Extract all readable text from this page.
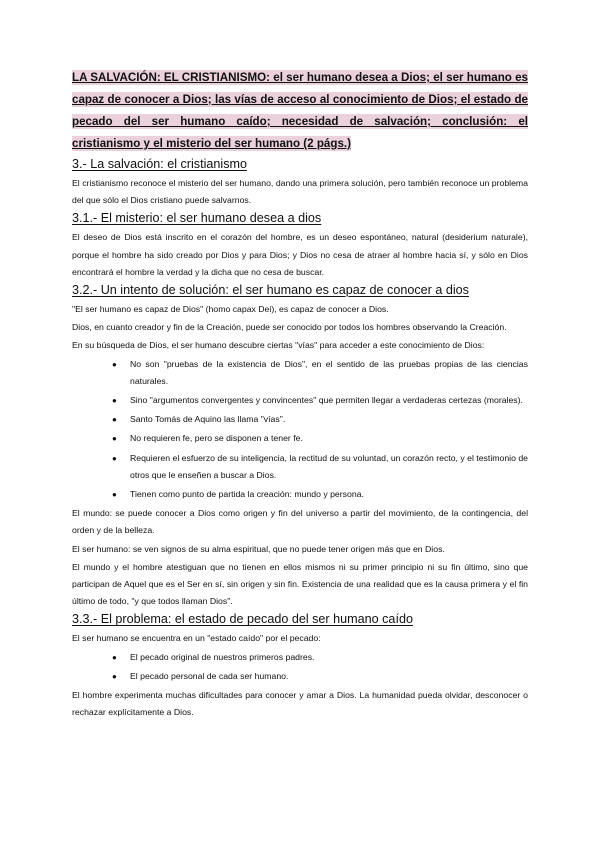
LA SALVACIÓN: EL CRISTIANISMO: el ser humano desea a Dios; el ser humano es capaz de conocer a Dios; las vías de acceso al conocimiento de Dios; el estado de pecado del ser humano caído; necesidad de salvación; conclusión: el cristianismo y el misterio del ser humano (2 págs.)
3.- La salvación: el cristianismo

El cristianismo reconoce el misterio del ser humano, dando una primera solución, pero también reconoce un problema del que sólo el Dios cristiano puede salvarnos.

3.1.- El misterio: el ser humano desea a dios

El deseo de Dios está inscrito en el corazón del hombre, es un deseo espontáneo, natural (desiderium naturale), porque el hombre ha sido creado por Dios y para Dios; y Dios no cesa de atraer al hombre hacia sí, y sólo en Dios encontrará el hombre la verdad y la dicha que no cesa de buscar.

3.2.- Un intento de solución: el ser humano es capaz de conocer a dios

"El ser humano es capaz de Dios" (homo capax Dei), es capaz de conocer a Dios.

Dios, en cuanto creador y fin de la Creación, puede ser conocido por todos los hombres observando la Creación.

En su búsqueda de Dios, el ser humano descubre ciertas "vías" para acceder a este conocimiento de Dios:

● No son "pruebas de la existencia de Dios", en el sentido de las pruebas propias de las ciencias naturales.
● Sino "argumentos convergentes y convincentes" que permiten llegar a verdaderas certezas (morales).
● Santo Tomás de Aquino las llama "vías".
● No requieren fe, pero se disponen a tener fe.
● Requieren el esfuerzo de su inteligencia, la rectitud de su voluntad, un corazón recto, y el testimonio de otros que le enseñen a buscar a Dios.
● Tienen como punto de partida la creación: mundo y persona.

El mundo: se puede conocer a Dios como origen y fin del universo a partir del movimiento, de la contingencia, del orden y de la belleza.

El ser humano: se ven signos de su alma espiritual, que no puede tener origen más que en Dios.

El mundo y el hombre atestiguan que no tienen en ellos mismos ni su primer principio ni su fin último, sino que participan de Aquel que es el Ser en sí, sin origen y sin fin. Existencia de una realidad que es la causa primera y el fin último de todo, "y que todos llaman Dios".

3.3.- El problema: el estado de pecado del ser humano caído

El ser humano se encuentra en un "estado caído" por el pecado:

● El pecado original de nuestros primeros padres.
● El pecado personal de cada ser humano.

El hombre experimenta muchas dificultades para conocer y amar a Dios. La humanidad pueda olvidar, desconocer o rechazar explícitamente a Dios.
